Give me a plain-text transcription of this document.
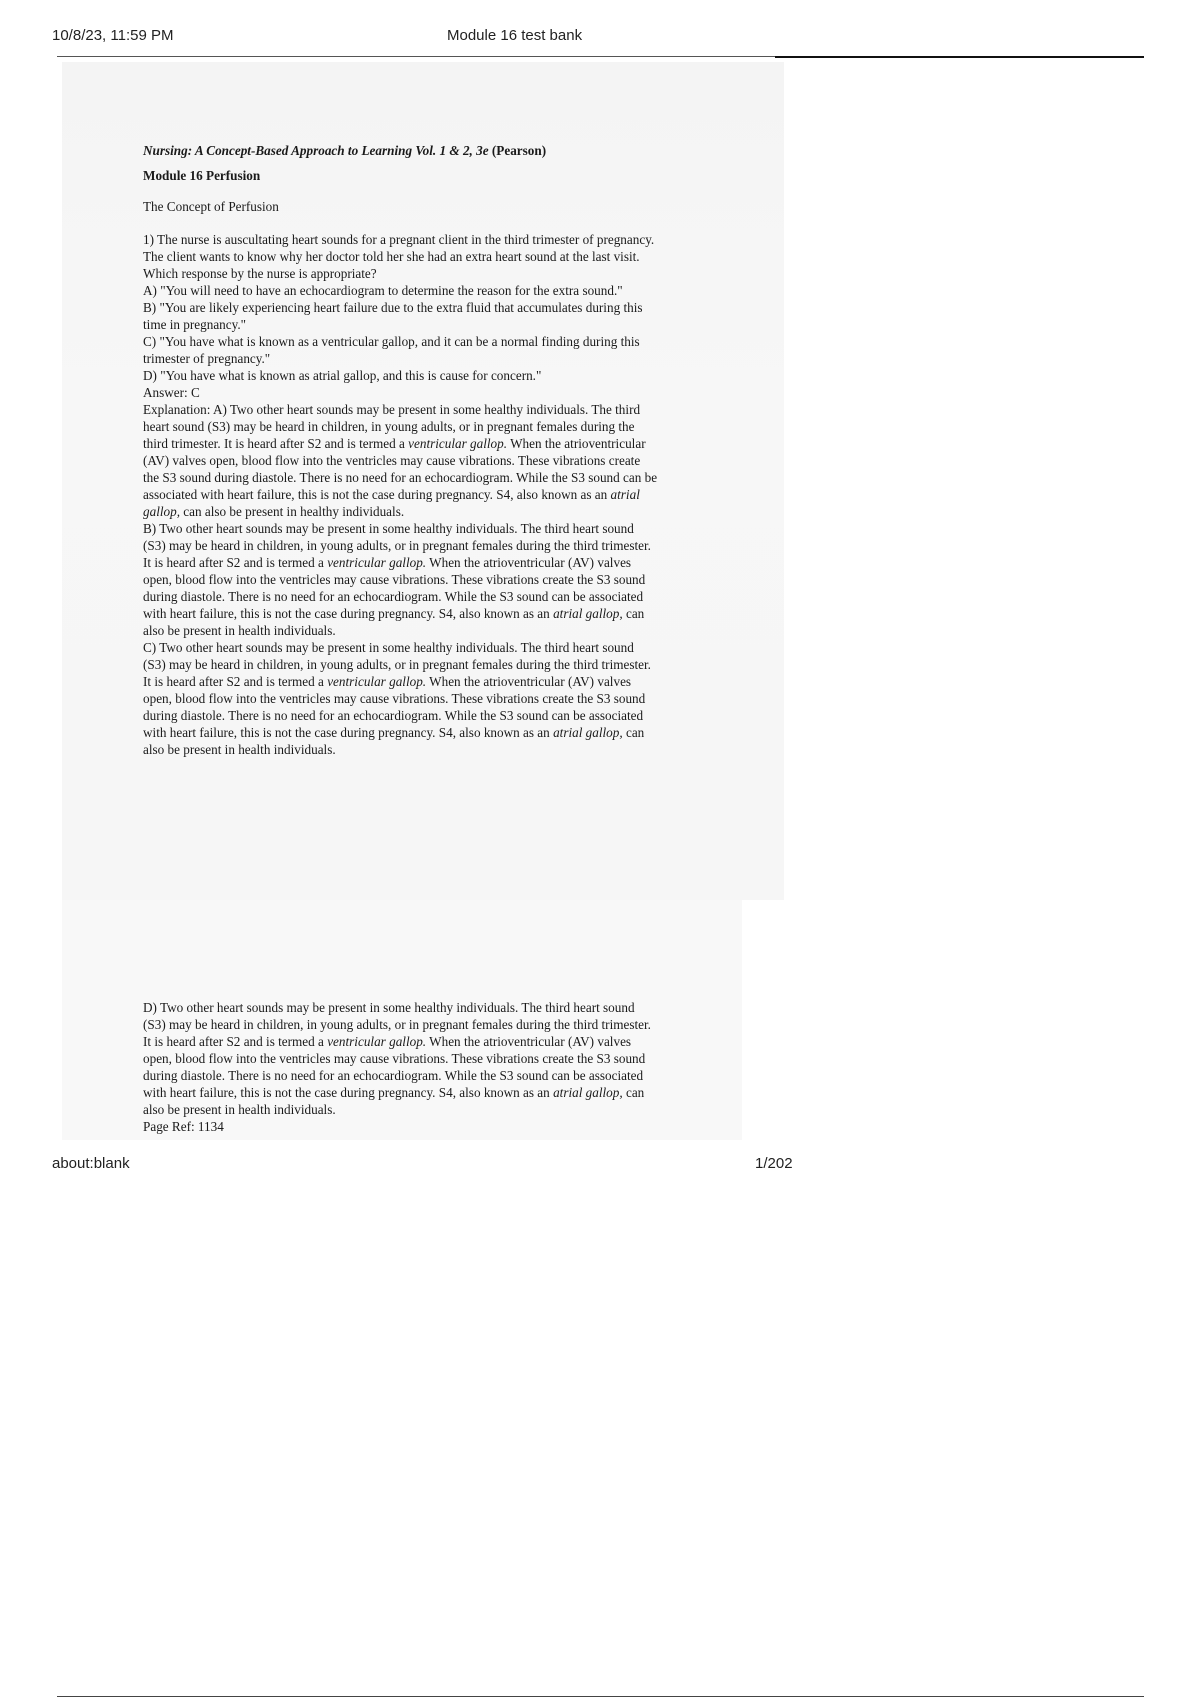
10/8/23, 11:59 PM	Module 16 test bank
Nursing: A Concept-Based Approach to Learning Vol. 1 & 2, 3e (Pearson)
Module 16 Perfusion
The Concept of Perfusion
1) The nurse is auscultating heart sounds for a pregnant client in the third trimester of pregnancy.
The client wants to know why her doctor told her she had an extra heart sound at the last visit.
Which response by the nurse is appropriate?
A) "You will need to have an echocardiogram to determine the reason for the extra sound."
B) "You are likely experiencing heart failure due to the extra fluid that accumulates during this
time in pregnancy."
C) "You have what is known as a ventricular gallop, and it can be a normal finding during this
trimester of pregnancy."
D) "You have what is known as atrial gallop, and this is cause for concern."
Answer: C
Explanation: A) Two other heart sounds may be present in some healthy individuals. The third
heart sound (S3) may be heard in children, in young adults, or in pregnant females during the
third trimester. It is heard after S2 and is termed a ventricular gallop. When the atrioventricular
(AV) valves open, blood flow into the ventricles may cause vibrations. These vibrations create
the S3 sound during diastole. There is no need for an echocardiogram. While the S3 sound can be
associated with heart failure, this is not the case during pregnancy. S4, also known as an atrial
gallop, can also be present in healthy individuals.
B) Two other heart sounds may be present in some healthy individuals. The third heart sound
(S3) may be heard in children, in young adults, or in pregnant females during the third trimester.
It is heard after S2 and is termed a ventricular gallop. When the atrioventricular (AV) valves
open, blood flow into the ventricles may cause vibrations. These vibrations create the S3 sound
during diastole. There is no need for an echocardiogram. While the S3 sound can be associated
with heart failure, this is not the case during pregnancy. S4, also known as an atrial gallop, can
also be present in health individuals.
C) Two other heart sounds may be present in some healthy individuals. The third heart sound
(S3) may be heard in children, in young adults, or in pregnant females during the third trimester.
It is heard after S2 and is termed a ventricular gallop. When the atrioventricular (AV) valves
open, blood flow into the ventricles may cause vibrations. These vibrations create the S3 sound
during diastole. There is no need for an echocardiogram. While the S3 sound can be associated
with heart failure, this is not the case during pregnancy. S4, also known as an atrial gallop, can
also be present in health individuals.
D) Two other heart sounds may be present in some healthy individuals. The third heart sound
(S3) may be heard in children, in young adults, or in pregnant females during the third trimester.
It is heard after S2 and is termed a ventricular gallop. When the atrioventricular (AV) valves
open, blood flow into the ventricles may cause vibrations. These vibrations create the S3 sound
during diastole. There is no need for an echocardiogram. While the S3 sound can be associated
with heart failure, this is not the case during pregnancy. S4, also known as an atrial gallop, can
also be present in health individuals.
Page Ref: 1134
about:blank	1/202
